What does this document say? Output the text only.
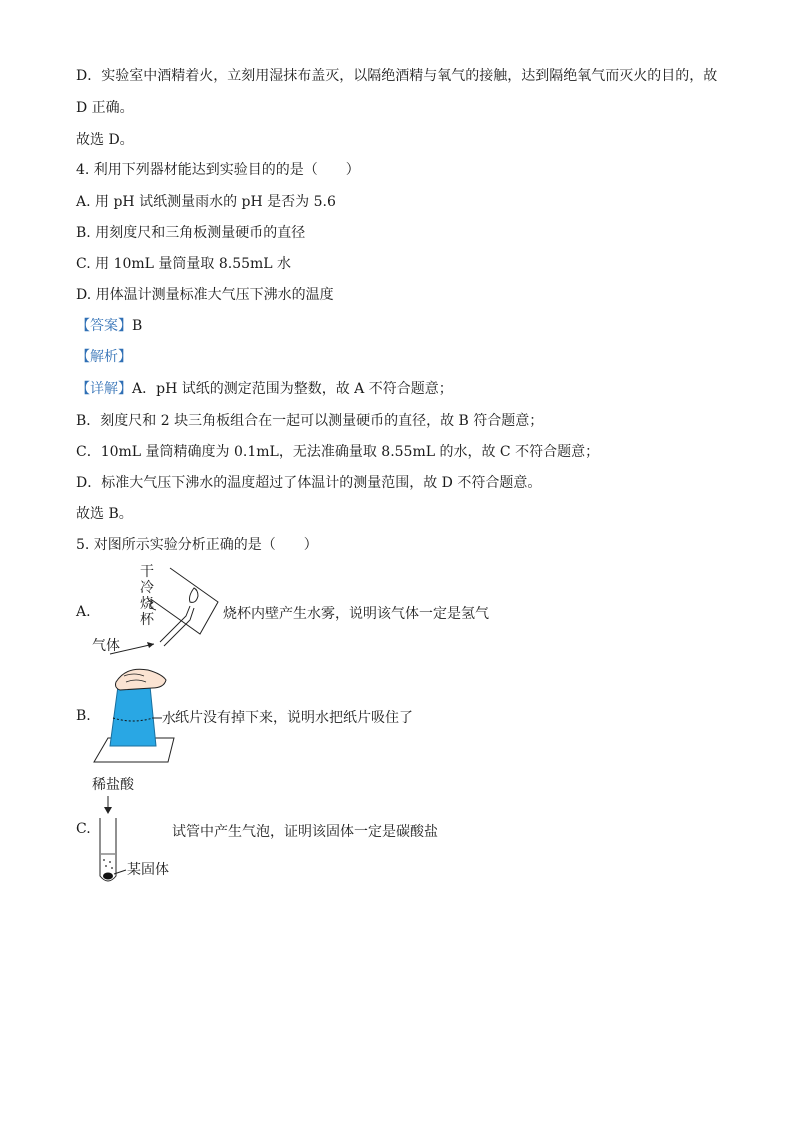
D．实验室中酒精着火，立刻用湿抹布盖灭，以隔绝酒精与氧气的接触，达到隔绝氧气而灭火的目的，故
D 正确。
故选 D。
4. 利用下列器材能达到实验目的的是（　　）
A. 用 pH 试纸测量雨水的 pH 是否为 5.6
B. 用刻度尺和三角板测量硬币的直径
C. 用 10mL 量筒量取 8.55mL 水
D. 用体温计测量标准大气压下沸水的温度
【答案】B
【解析】
【详解】A．pH 试纸的测定范围为整数，故 A 不符合题意；
B．刻度尺和 2 块三角板组合在一起可以测量硬币的直径，故 B 符合题意；
C．10mL 量筒精确度为 0.1mL，无法准确量取 8.55mL 的水，故 C 不符合题意；
D．标准大气压下沸水的温度超过了体温计的测量范围，故 D 不符合题意。
故选 B。
5. 对图所示实验分析正确的是（　　）
A.
干
冷
烧
杯
气体
烧杯内壁产生水雾，说明该气体一定是氢气
B.	水 纸片没有掉下来，说明水把纸片吸住了
C.
稀盐酸
某固体
试管中产生气泡，证明该固体一定是碳酸盐
